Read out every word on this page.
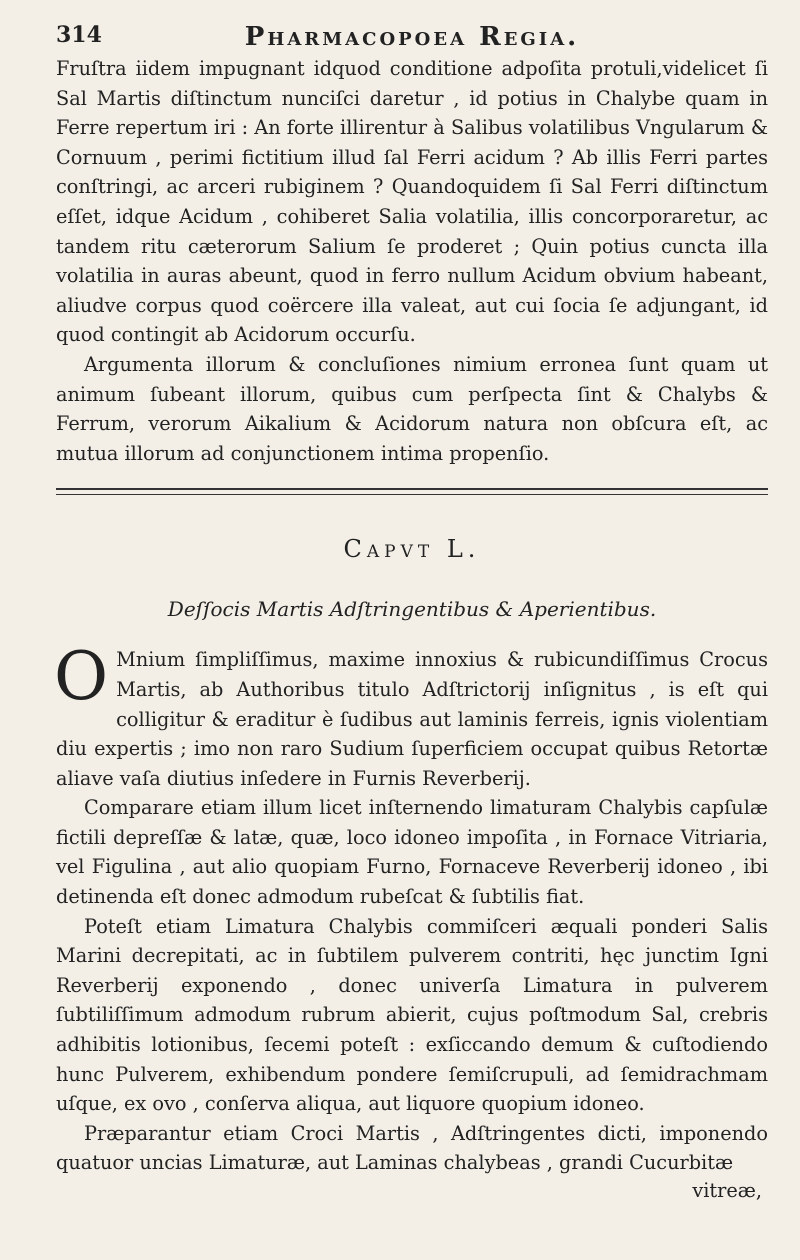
314	Pharmacopoea Regia.

Fruſtra iidem impugnant idquod conditione adpoſita protuli,videlicet ſi Sal Martis diſtinctum nunciſci daretur , id potius in Chalybe quam in Ferre repertum iri : An forte illirentur à Salibus volatilibus Vngularum & Cornuum , perimi fictitium illud ſal Ferri acidum ? Ab illis Ferri partes conſtringi, ac arceri rubiginem ? Quandoquidem ſi Sal Ferri diſtinctum eſſet, idque Acidum , cohiberet Salia volatilia, illis concorporaretur, ac tandem ritu cæterorum Salium ſe proderet ; Quin potius cuncta illa volatilia in auras abeunt, quod in ferro nullum Acidum obvium habeant, aliudve corpus quod coërcere illa valeat, aut cui ſocia ſe adjungant, id quod contingit ab Acidorum occurſu.

Argumenta illorum & concluſiones nimium erronea ſunt quam ut animum ſubeant illorum, quibus cum perſpecta ſint & Chalybs & Ferrum, verorum Aikalium & Acidorum natura non obſcura eſt, ac mutua illorum ad conjunctionem intima propenſio.

Capvt L.
Deſſocis Martis Adſtringentibus & Aperientibus.
O Mnium ſimpliſſimus, maxime innoxius & rubicundiſſimus Crocus Martis, ab Authoribus titulo Adſtrictorij inſignitus , is eſt qui colligitur & eraditur è ſudibus aut laminis ferreis, ignis violentiam diu expertis ; imo non raro Sudium ſuperficiem occupat quibus Retortæ aliave vaſa diutius inſedere in Furnis Reverberij.

Comparare etiam illum licet inſternendo limaturam Chalybis capſulæ fictili depreſſæ & latæ, quæ, loco idoneo impoſita , in Fornace Vitriaria, vel Figulina , aut alio quopiam Furno, Fornaceve Reverberij idoneo , ibi detinenda eſt donec admodum rubeſcat & ſubtilis fiat.

Poteſt etiam Limatura Chalybis commiſceri æquali ponderi Salis Marini decrepitati, ac in ſubtilem pulverem contriti, hęc junctim Igni Reverberij exponendo , donec univerſa Limatura in pulverem ſubtiliſſimum admodum rubrum abierit, cujus poſtmodum Sal, crebris adhibitis lotionibus, ſecemi poteſt : exſiccando demum & cuſtodiendo hunc Pulverem, exhibendum pondere ſemiſcrupuli, ad ſemidrachmam uſque, ex ovo , conſerva aliqua, aut liquore quopium idoneo.

Præparantur etiam Croci Martis , Adſtringentes dicti, imponendo quatuor uncias Limaturæ, aut Laminas chalybeas , grandi Cucurbitæ

vitreæ,
